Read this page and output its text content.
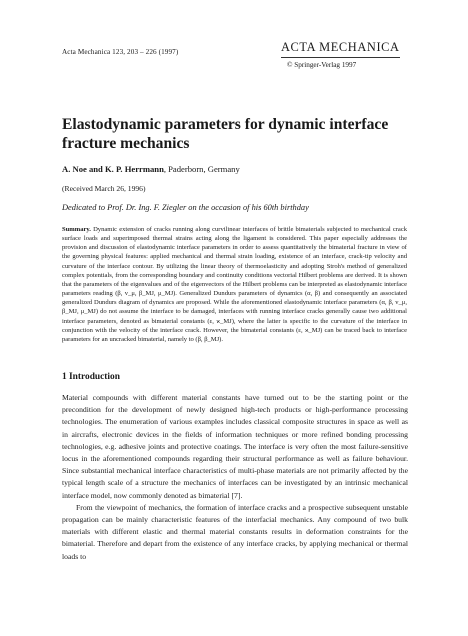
Acta Mechanica 123, 203 – 226 (1997)	ACTA MECHANICA
© Springer-Verlag 1997
Elastodynamic parameters for dynamic interface fracture mechanics
A. Noe and K. P. Herrmann, Paderborn, Germany
(Received March 26, 1996)
Dedicated to Prof. Dr. Ing. F. Ziegler on the occasion of his 60th birthday
Summary. Dynamic extension of cracks running along curvilinear interfaces of brittle bimaterials subjected to mechanical crack surface loads and superimposed thermal strains acting along the ligament is considered. This paper especially addresses the provision and discussion of elastodynamic interface parameters in order to assess quantitatively the bimaterial fracture in view of the governing physical features: applied mechanical and thermal strain loading, existence of an interface, crack-tip velocity and curvature of the interface contour. By utilizing the linear theory of thermoelasticity and adopting Stroh's method of generalized complex potentials, from the corresponding boundary and continuity conditions vectorial Hilbert problems are derived. It is shown that the parameters of the eigenvalues and of the eigenvectors of the Hilbert problems can be interpreted as elastodynamic interface parameters reading (β, v_μ, β_MJ, μ_MJ). Generalized Dundurs parameters of dynamics (α, β) and consequently an associated generalized Dundurs diagram of dynamics are proposed. While the aforementioned elastodynamic interface parameters (α, β, v_μ, β_MJ, μ_MJ) do not assume the interface to be damaged, interfaces with running interface cracks generally cause two additional interface parameters, denoted as bimaterial constants (ε, ϰ_MJ), where the latter is specific to the curvature of the interface in conjunction with the velocity of the interface crack. However, the bimaterial constants (ε, ϰ_MJ) can be traced back to interface parameters for an uncracked bimaterial, namely to (β, β_MJ).
1 Introduction

Material compounds with different material constants have turned out to be the starting point or the precondition for the development of newly designed high-tech products or high-performance processing technologies. The enumeration of various examples includes classical composite structures in space as well as in aircrafts, electronic devices in the fields of information techniques or more refined bonding processing technologies, e.g. adhesive joints and protective coatings. The interface is very often the most failure-sensitive locus in the aforementioned compounds regarding their structural performance as well as failure behaviour. Since substantial mechanical interface characteristics of multi-phase materials are not primarily affected by the typical length scale of a structure the mechanics of interfaces can be investigated by an intrinsic mechanical interface model, now commonly denoted as bimaterial [7].

From the viewpoint of mechanics, the formation of interface cracks and a prospective subsequent unstable propagation can be mainly characteristic features of the interfacial mechanics. Any compound of two bulk materials with different elastic and thermal material constants results in deformation constraints for the bimaterial. Therefore and depart from the existence of any interface cracks, by applying mechanical or thermal loads to
